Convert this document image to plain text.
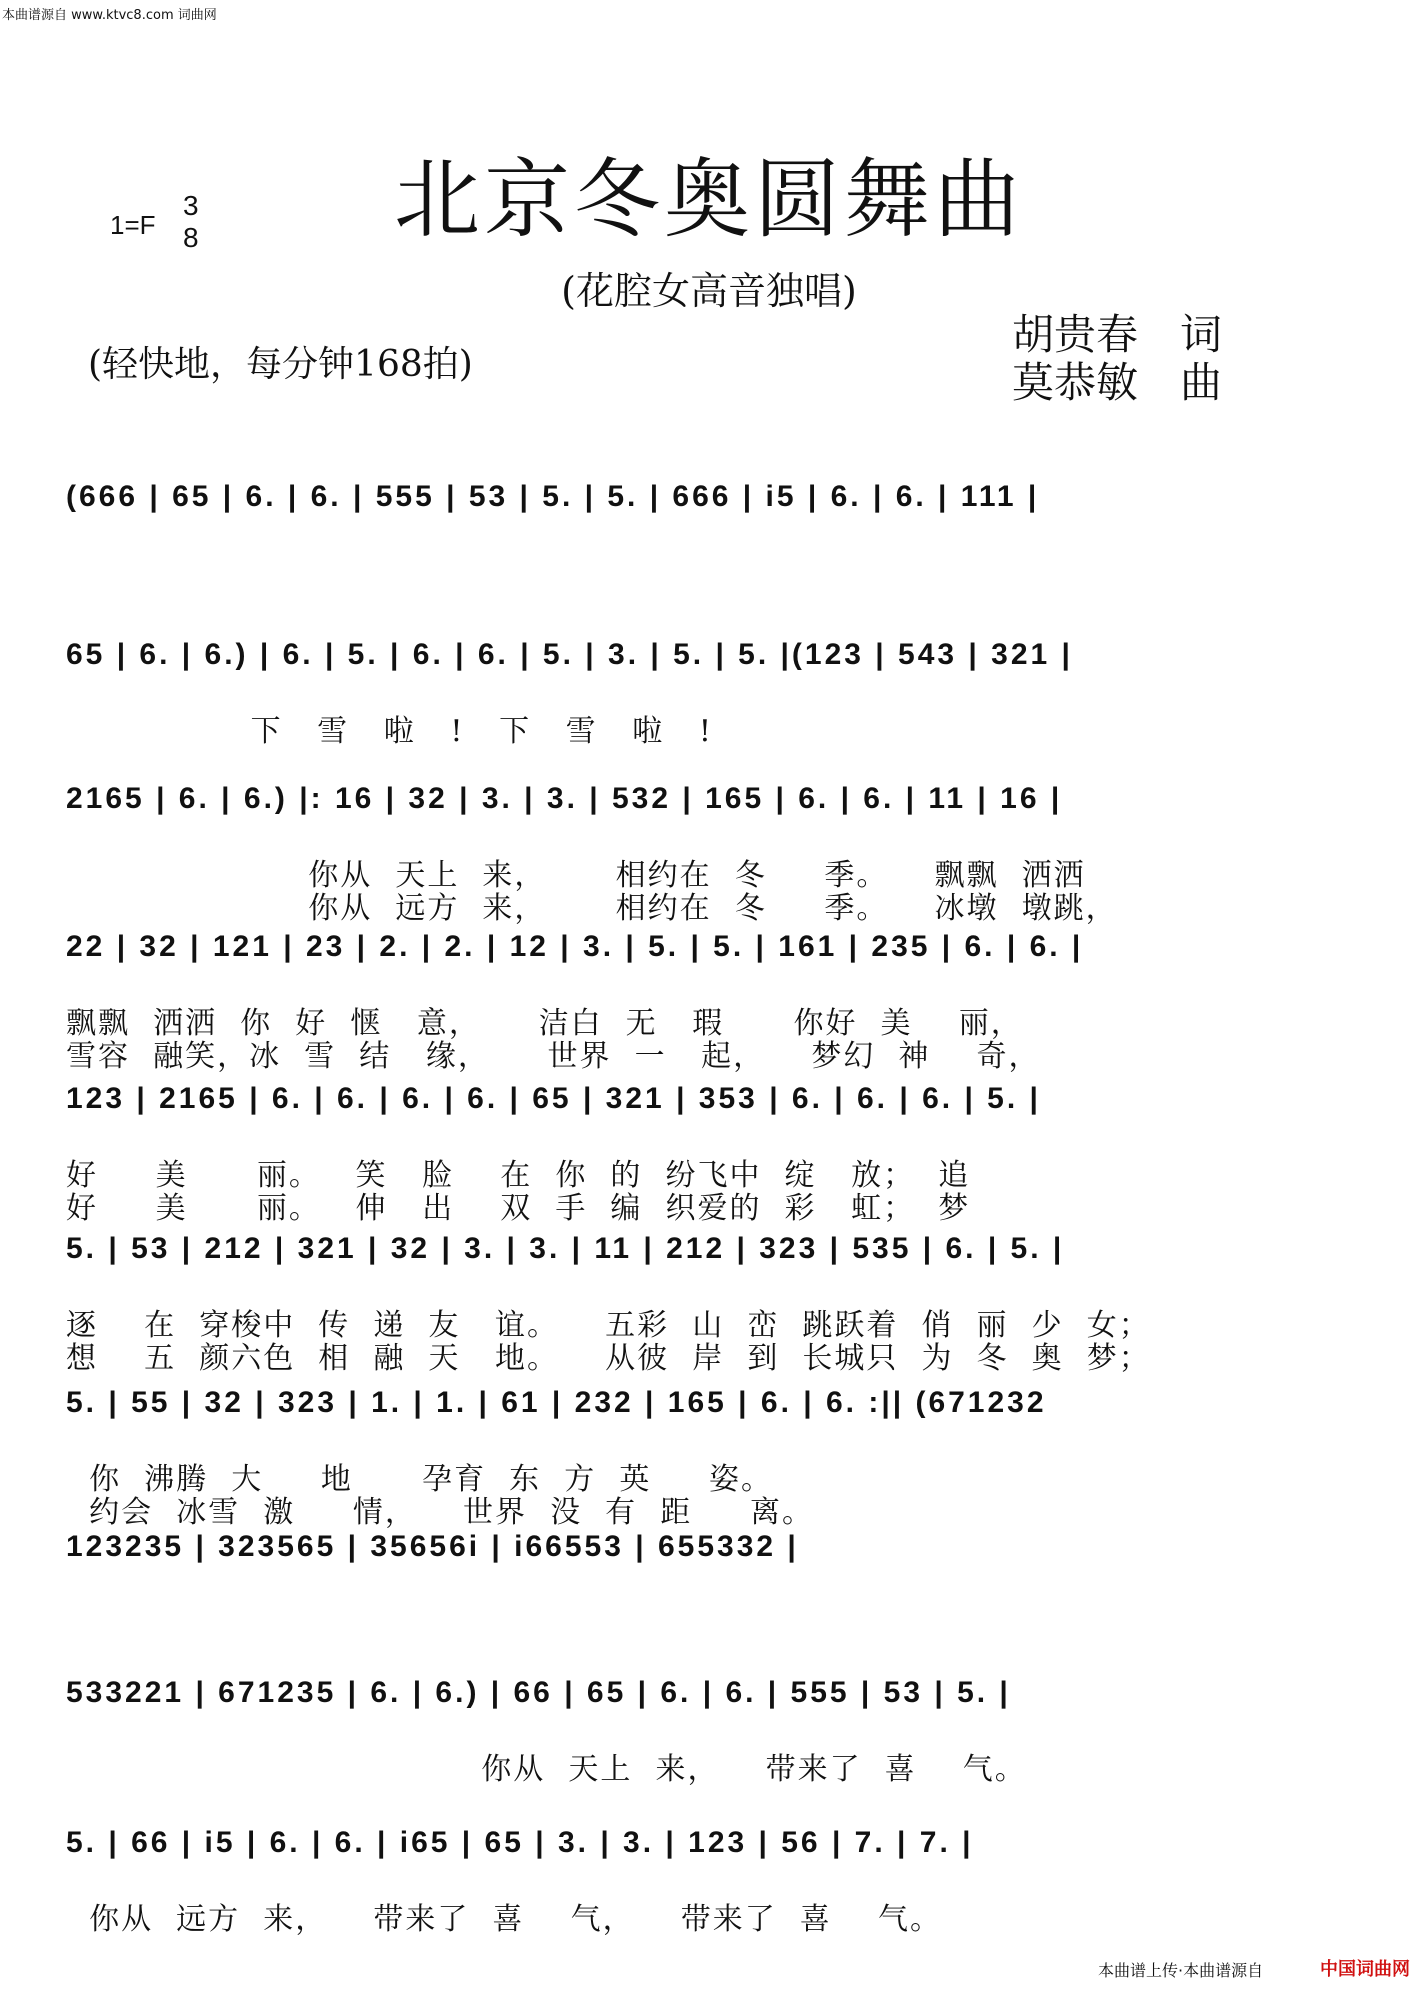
本曲谱源自 www.ktvc8.com 词曲网
北京冬奥圆舞曲
1=F
3
8
(花腔女高音独唱)
(轻快地，每分钟168拍)
胡贵春　词
莫恭敏　曲
(666 | 65 | 6. | 6. | 555 | 53 | 5. | 5. | 666 | i5 | 6. | 6. | 111 |
65 | 6. | 6.) | 6. | 5. | 6. | 6. | 5. | 3. | 5. | 5. |(123 | 543 | 321 |
下   雪   啦   !   下   雪   啦   !
2165 | 6. | 6.) |: 16 | 32 | 3. | 3. | 532 | 165 | 6. | 6. | 11 | 16 |
你从  天上  来，      相约在  冬     季。    飘飘  洒洒
你从  远方  来，      相约在  冬     季。    冰墩  墩跳，
22 | 32 | 121 | 23 | 2. | 2. | 12 | 3. | 5. | 5. | 161 | 235 | 6. | 6. |
飘飘  洒洒  你  好  惬   意，     洁白  无   瑕      你好  美    丽，
雪容  融笑，冰  雪  结   缘，     世界  一   起，    梦幻  神    奇，
123 | 2165 | 6. | 6. | 6. | 6. | 65 | 321 | 353 | 6. | 6. | 6. | 5. |
好     美      丽。   笑   脸    在  你  的  纷飞中  绽   放；  追
好     美      丽。   伸   出    双  手  编  织爱的  彩   虹；  梦
5. | 53 | 212 | 321 | 32 | 3. | 3. | 11 | 212 | 323 | 535 | 6. | 5. |
逐    在  穿梭中  传  递  友   谊。    五彩  山  峦  跳跃着  俏  丽  少  女；
想    五  颜六色  相  融  天   地。    从彼  岸  到  长城只  为  冬  奥  梦；
5. | 55 | 32 | 323 | 1. | 1. | 61 | 232 | 165 | 6. | 6. :|| (671232
你  沸腾  大     地      孕育  东  方  英     姿。
约会  冰雪  激     情，    世界  没  有  距     离。
123235 | 323565 | 35656i | i66553 | 655332 |
533221 | 671235 | 6. | 6.) | 66 | 65 | 6. | 6. | 555 | 53 | 5. |
你从  天上  来，    带来了  喜    气。
5. | 66 | i5 | 6. | 6. | i65 | 65 | 3. | 3. | 123 | 56 | 7. | 7. |
你从  远方  来，    带来了  喜    气，    带来了  喜    气。
本曲谱上传·本曲谱源自	中国词曲网
